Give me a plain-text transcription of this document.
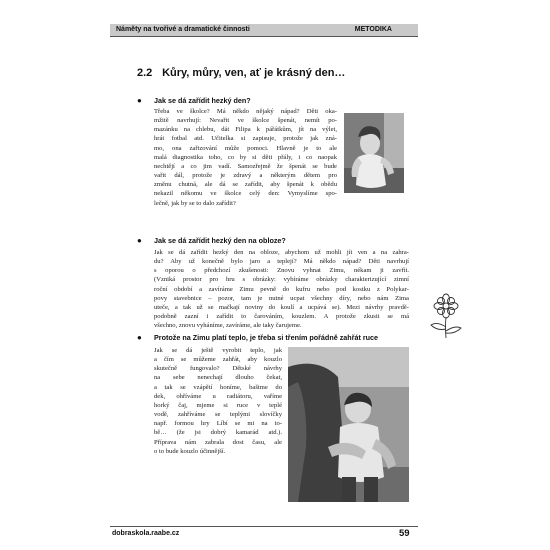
Náměty na tvořivé a dramatické činnosti	METODIKA
2.2 Kůry, můry, ven, ať je krásný den…
● Jak se dá zařídit hezký den?
Třeba ve školce? Má někdo nějaký nápad? Děti oka-
mžitě navrhují: Nevařit ve školce špenát, nemít po-
mazánku na chlebu, dát Filipa k pářátkům, jít na výlet,
hrát fotbal atd. Učitelka si zapisuje, protože jak zná-
mo, ona zařizování může pomoci. Hlavně je to ale
malá diagnostika toho, co by si děti přály, i co naopak
nechtějí a co jim vadí. Samozřejmě že špenát se bude
vařit dál, protože je zdravý a některým dětem pro
změnu chutná, ale dá se zařídit, aby špenát k obědu
nekazil někomu ve školce celý den: Vymyslíme spo-
lečně, jak by se to dalo zařídit?
● Jak se dá zařídit hezký den na obloze?
Jak se dá zařídit hezký den na obloze, abychom už mohli jít ven a na zahra-
du? Aby už konečně bylo jaro a teplejí? Má někdo nápad? Děti navrhují
s oporou o předchozí zkušenosti: Znovu vyhnat Zimu, nékam ji zavřít.
(Vzniká prostor pro hru s obrázky: vybíráme obrázky charakterizující zimní
roční období a zavíráme Zimu pevně do kufru nebo pod kostku z Polykar-
povy stavebnice – pozor, tam je nutné ucpat všechny díry, nebo nám Zima
uteče, a tak už se mačkají noviny do koulí a ucpává se). Mezi návrhy pravdě-
podobně zazní i zařídit to čarováním, kouzlem. A protože zkusit se má
všechno, znovu vyháníme, zavíráme, ale taky čarujeme.
● Protože na Zimu platí teplo, je třeba si třením pořádně zahřát ruce
Jak se dá ještě vyrobit teplo, jak
a čím se můžeme zahřát, aby kouzlo
skutečně fungovalo? Dětské návrhy
na sebe nenechají dlouho čekat,
a tak se vzápětí honíme, baštme do
dek, ohříváme u radiátoru, vaříme
horký čaj, mjeme si ruce v teplé
vodě, zahříváme se teplými slovíčky
např. formou hry Líbí se mi na to-
bě… (že jsi dobrý kamarád atd.).
Příprava nám zabrala dost času, ale
o to bude kouzlo účinnější.
dobraskola.raabe.cz	59
